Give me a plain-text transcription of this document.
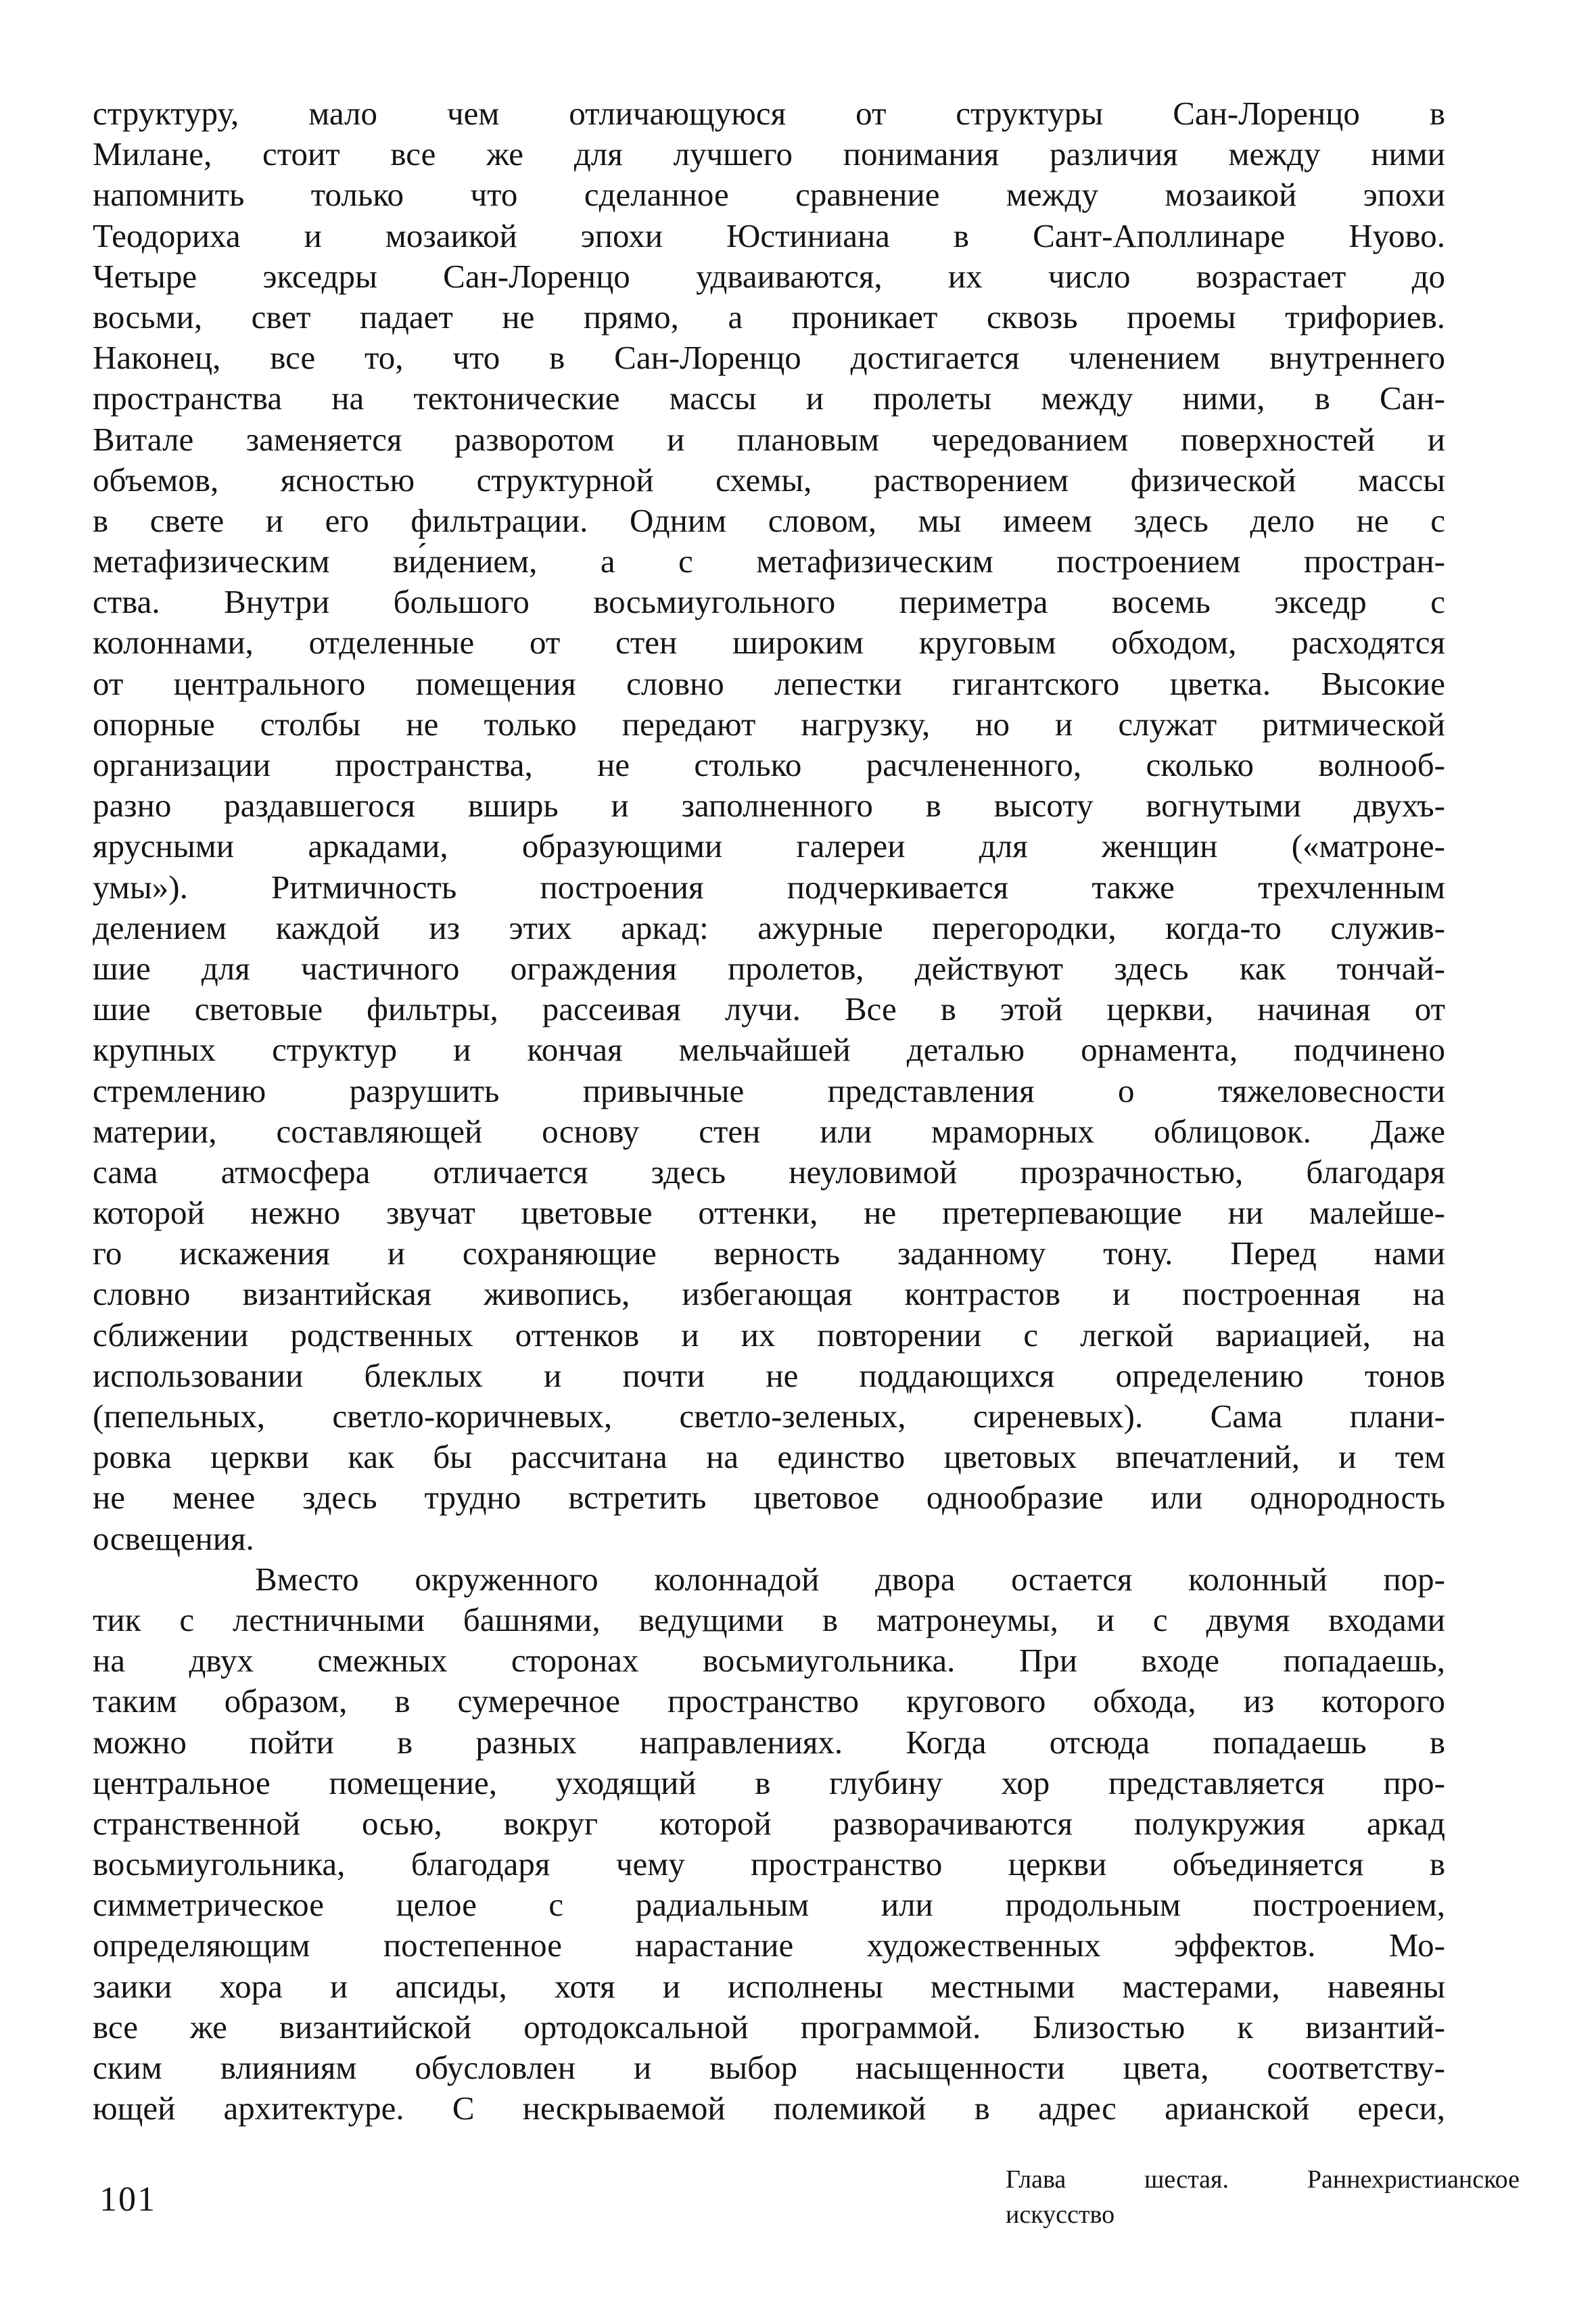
структуру, мало чем отличающуюся от структуры Сан-Лоренцо в
Милане, стоит все же для лучшего понимания различия между ними
напомнить только что сделанное сравнение между мозаикой эпохи
Теодориха и мозаикой эпохи Юстиниана в Сант-Аполлинаре Нуово.
Четыре экседры Сан-Лоренцо удваиваются, их число возрастает до
восьми, свет падает не прямо, а проникает сквозь проемы трифориев.
Наконец, все то, что в Сан-Лоренцо достигается членением внутреннего
пространства на тектонические массы и пролеты между ними, в Сан-
Витале заменяется разворотом и плановым чередованием поверхностей и
объемов, ясностью структурной схемы, растворением физической массы
в свете и его фильтрации. Одним словом, мы имеем здесь дело не с
метафизическим ви́дением, а с метафизическим построением простран-
ства. Внутри большого восьмиугольного периметра восемь экседр с
колоннами, отделенные от стен широким круговым обходом, расходятся
от центрального помещения словно лепестки гигантского цветка. Высокие
опорные столбы не только передают нагрузку, но и служат ритмической
организации пространства, не столько расчлененного, сколько волнооб-
разно раздавшегося вширь и заполненного в высоту вогнутыми двухъ-
ярусными аркадами, образующими галереи для женщин («матроне-
умы»). Ритмичность построения подчеркивается также трехчленным
делением каждой из этих аркад: ажурные перегородки, когда-то служив-
шие для частичного ограждения пролетов, действуют здесь как тончай-
шие световые фильтры, рассеивая лучи. Все в этой церкви, начиная от
крупных структур и кончая мельчайшей деталью орнамента, подчинено
стремлению разрушить привычные представления о тяжеловесности
материи, составляющей основу стен или мраморных облицовок. Даже
сама атмосфера отличается здесь неуловимой прозрачностью, благодаря
которой нежно звучат цветовые оттенки, не претерпевающие ни малейше-
го искажения и сохраняющие верность заданному тону. Перед нами
словно византийская живопись, избегающая контрастов и построенная на
сближении родственных оттенков и их повторении с легкой вариацией, на
использовании блеклых и почти не поддающихся определению тонов
(пепельных, светло-коричневых, светло-зеленых, сиреневых). Сама плани-
ровка церкви как бы рассчитана на единство цветовых впечатлений, и тем
не менее здесь трудно встретить цветовое однообразие или однородность
освещения.
Вместо окруженного колоннадой двора остается колонный пор-
тик с лестничными башнями, ведущими в матронеумы, и с двумя входами
на двух смежных сторонах восьмиугольника. При входе попадаешь,
таким образом, в сумеречное пространство кругового обхода, из которого
можно пойти в разных направлениях. Когда отсюда попадаешь в
центральное помещение, уходящий в глубину хор представляется про-
странственной осью, вокруг которой разворачиваются полукружия аркад
восьмиугольника, благодаря чему пространство церкви объединяется в
симметрическое целое с радиальным или продольным построением,
определяющим постепенное нарастание художественных эффектов. Мо-
заики хора и апсиды, хотя и исполнены местными мастерами, навеяны
все же византийской ортодоксальной программой. Близостью к византий-
ским влияниям обусловлен и выбор насыщенности цвета, соответству-
ющей архитектуре. С нескрываемой полемикой в адрес арианской ереси,
101
Глава шестая. Раннехристианское
искусство
